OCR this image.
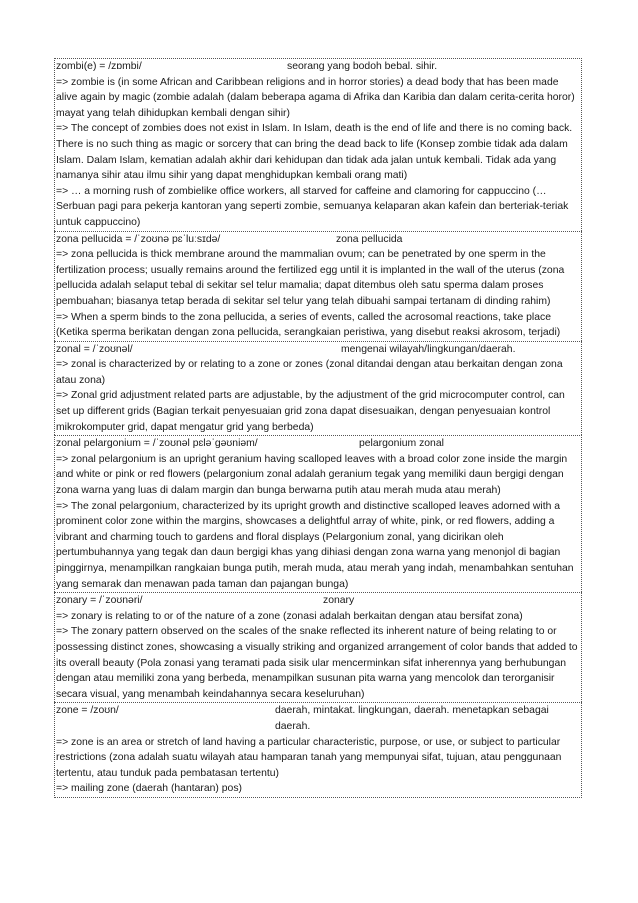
zombi(e) = /zɒmbi/	seorang yang bodoh bebal. sihir.

=> zombie is (in some African and Caribbean religions and in horror stories) a dead body that has been made alive again by magic (zombie adalah (dalam beberapa agama di Afrika dan Karibia dan dalam cerita-cerita horor) mayat yang telah dihidupkan kembali dengan sihir)

=> The concept of zombies does not exist in Islam. In Islam, death is the end of life and there is no coming back. There is no such thing as magic or sorcery that can bring the dead back to life (Konsep zombie tidak ada dalam Islam. Dalam Islam, kematian adalah akhir dari kehidupan dan tidak ada jalan untuk kembali. Tidak ada yang namanya sihir atau ilmu sihir yang dapat menghidupkan kembali orang mati)

=> … a morning rush of zombielike office workers, all starved for caffeine and clamoring for cappuccino (… Serbuan pagi para pekerja kantoran yang seperti zombie, semuanya kelaparan akan kafein dan berteriak-teriak untuk cappuccino)

zona pellucida = /ˈzoʊnə pɛˈluːsɪdə/	zona pellucida

=> zona pellucida is thick membrane around the mammalian ovum; can be penetrated by one sperm in the fertilization process; usually remains around the fertilized egg until it is implanted in the wall of the uterus (zona pellucida adalah selaput tebal di sekitar sel telur mamalia; dapat ditembus oleh satu sperma dalam proses pembuahan; biasanya tetap berada di sekitar sel telur yang telah dibuahi sampai tertanam di dinding rahim)

=> When a sperm binds to the zona pellucida, a series of events, called the acrosomal reactions, take place (Ketika sperma berikatan dengan zona pellucida, serangkaian peristiwa, yang disebut reaksi akrosom, terjadi)

zonal = /ˈzoʊnəl/	mengenai wilayah/lingkungan/daerah.

=> zonal is characterized by or relating to a zone or zones (zonal ditandai dengan atau berkaitan dengan zona atau zona)

=> Zonal grid adjustment related parts are adjustable, by the adjustment of the grid microcomputer control, can set up different grids (Bagian terkait penyesuaian grid zona dapat disesuaikan, dengan penyesuaian kontrol mikrokomputer grid, dapat mengatur grid yang berbeda)

zonal pelargonium = /ˈzoʊnəl pɛləˈgəʊniəm/	pelargonium zonal

=> zonal pelargonium is an upright geranium having scalloped leaves with a broad color zone inside the margin and white or pink or red flowers (pelargonium zonal adalah geranium tegak yang memiliki daun bergigi dengan zona warna yang luas di dalam margin dan bunga berwarna putih atau merah muda atau merah)

=> The zonal pelargonium, characterized by its upright growth and distinctive scalloped leaves adorned with a prominent color zone within the margins, showcases a delightful array of white, pink, or red flowers, adding a vibrant and charming touch to gardens and floral displays (Pelargonium zonal, yang dicirikan oleh pertumbuhannya yang tegak dan daun bergigi khas yang dihiasi dengan zona warna yang menonjol di bagian pinggirnya, menampilkan rangkaian bunga putih, merah muda, atau merah yang indah, menambahkan sentuhan yang semarak dan menawan pada taman dan pajangan bunga)

zonary = /ˈzoʊnəri/	zonary

=> zonary is relating to or of the nature of a zone (zonasi adalah berkaitan dengan atau bersifat zona)

=> The zonary pattern observed on the scales of the snake reflected its inherent nature of being relating to or possessing distinct zones, showcasing a visually striking and organized arrangement of color bands that added to its overall beauty (Pola zonasi yang teramati pada sisik ular mencerminkan sifat inherennya yang berhubungan dengan atau memiliki zona yang berbeda, menampilkan susunan pita warna yang mencolok dan terorganisir secara visual, yang menambah keindahannya secara keseluruhan)

zone = /zoʊn/	daerah, mintakat. lingkungan, daerah. menetapkan sebagai daerah.

=> zone is an area or stretch of land having a particular characteristic, purpose, or use, or subject to particular restrictions (zona adalah suatu wilayah atau hamparan tanah yang mempunyai sifat, tujuan, atau penggunaan tertentu, atau tunduk pada pembatasan tertentu)

=> mailing zone (daerah (hantaran) pos)
